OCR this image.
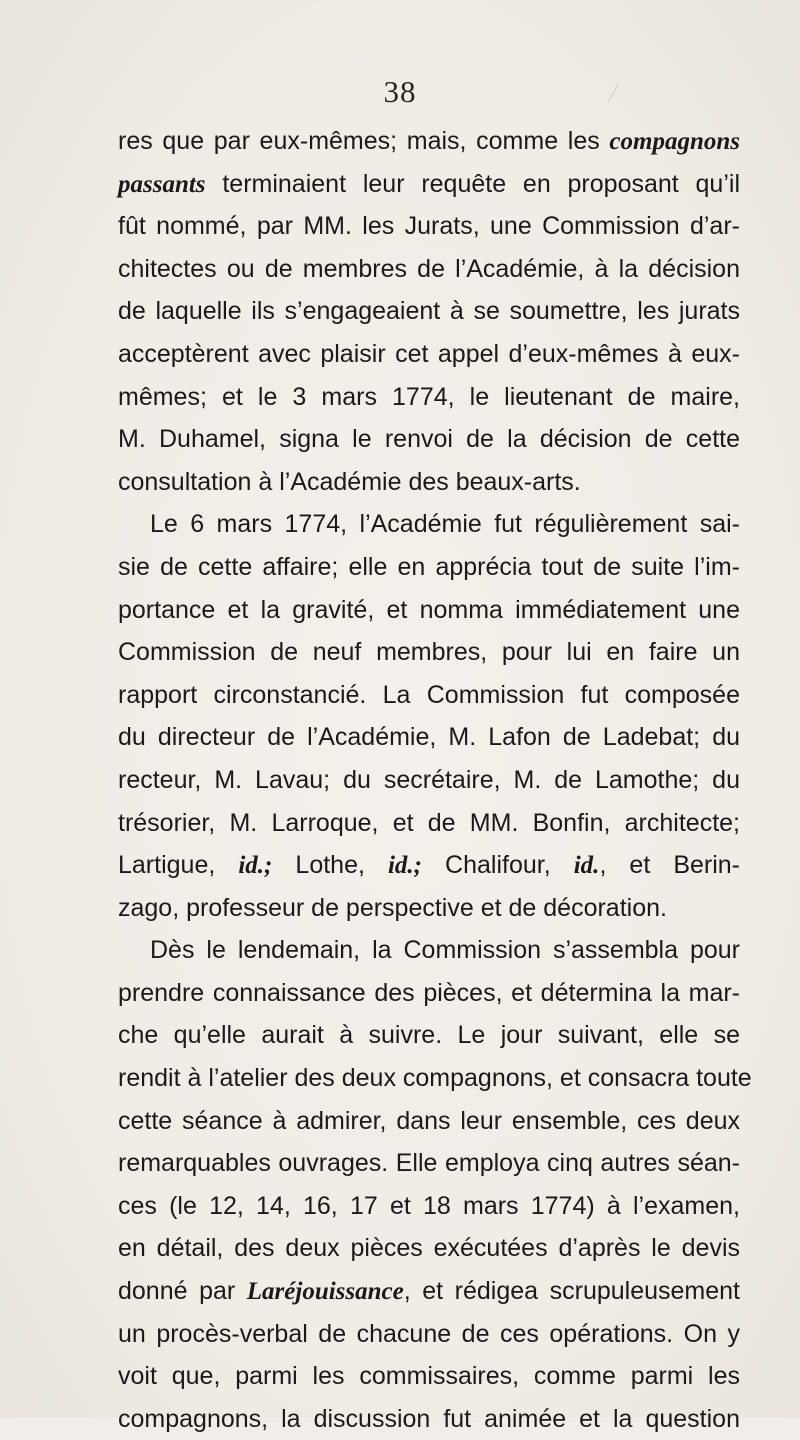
38
res que par eux-mêmes; mais, comme les compagnons
passants terminaient leur requête en proposant qu’il
fût nommé, par MM. les Jurats, une Commission d’ar-
chitectes ou de membres de l’Académie, à la décision
de laquelle ils s’engageaient à se soumettre, les jurats
acceptèrent avec plaisir cet appel d’eux-mêmes à eux-
mêmes; et le 3 mars 1774, le lieutenant de maire,
M. Duhamel, signa le renvoi de la décision de cette
consultation à l’Académie des beaux-arts.
Le 6 mars 1774, l’Académie fut régulièrement sai-
sie de cette affaire; elle en apprécia tout de suite l’im-
portance et la gravité, et nomma immédiatement une
Commission de neuf membres, pour lui en faire un
rapport circonstancié. La Commission fut composée
du directeur de l’Académie, M. Lafon de Ladebat; du
recteur, M. Lavau; du secrétaire, M. de Lamothe; du
trésorier, M. Larroque, et de MM. Bonfin, architecte;
Lartigue, id.; Lothe, id.; Chalifour, id., et Berin-
zago, professeur de perspective et de décoration.
Dès le lendemain, la Commission s’assembla pour
prendre connaissance des pièces, et détermina la mar-
che qu’elle aurait à suivre. Le jour suivant, elle se
rendit à l’atelier des deux compagnons, et consacra toute
cette séance à admirer, dans leur ensemble, ces deux
remarquables ouvrages. Elle employa cinq autres séan-
ces (le 12, 14, 16, 17 et 18 mars 1774) à l’examen,
en détail, des deux pièces exécutées d’après le devis
donné par Laréjouissance, et rédigea scrupuleusement
un procès-verbal de chacune de ces opérations. On y
voit que, parmi les commissaires, comme parmi les
compagnons, la discussion fut animée et la question
